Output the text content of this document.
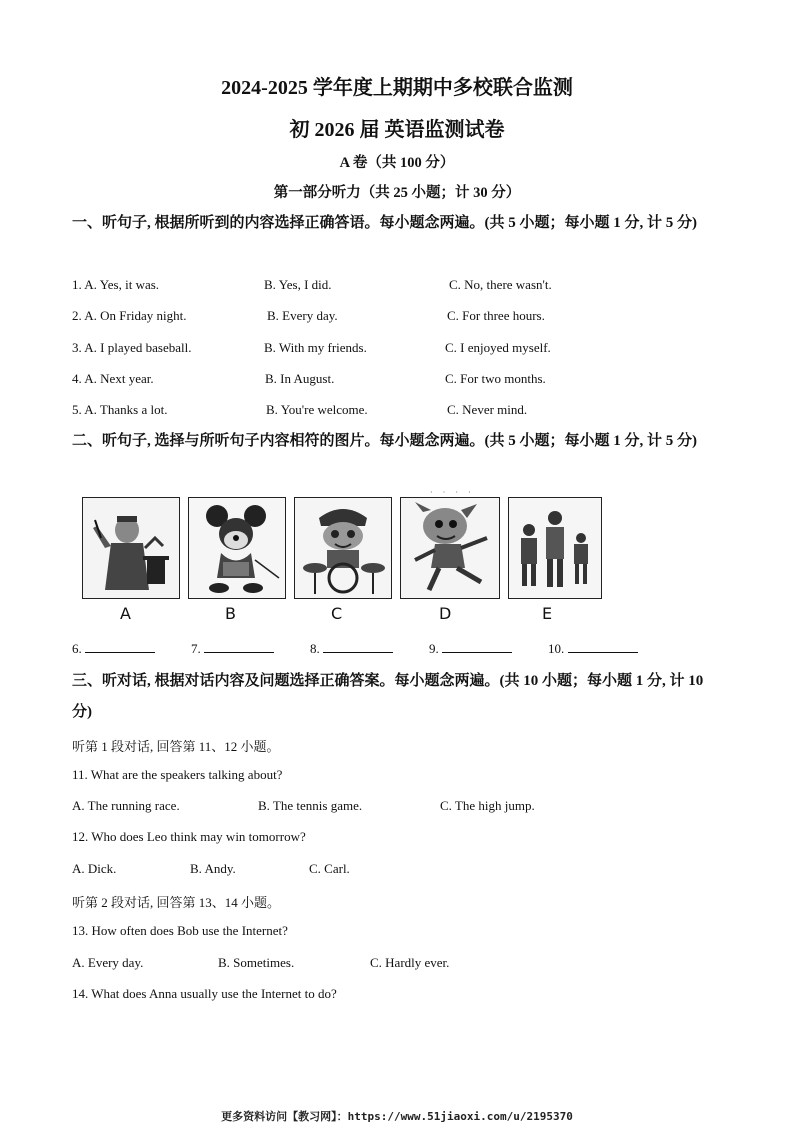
2024-2025 学年度上期期中多校联合监测
初 2026 届 英语监测试卷
A 卷（共 100 分）
第一部分听力（共 25 小题；计 30 分）
一、听句子, 根据所听到的内容选择正确答语。每小题念两遍。(共 5 小题；每小题 1 分, 计 5 分)
1. A. Yes, it was.	B. Yes, I did.	C. No, there wasn't.
2. A. On Friday night.	B. Every day.	C. For three hours.
3. A. I played baseball.	B. With my friends.	C. I enjoyed myself.
4. A. Next year.	B. In August.	C. For two months.
5. A. Thanks a lot.	B. You're welcome.	C. Never mind.
二、听句子, 选择与所听句子内容相符的图片。每小题念两遍。(共 5 小题；每小题 1 分, 计 5 分)
· · · ·
A	B	C	D	E
6.	7.	8.	9.	10.
三、听对话, 根据对话内容及问题选择正确答案。每小题念两遍。(共 10 小题；每小题 1 分, 计 10 分)
听第 1 段对话, 回答第 11、12 小题。
11. What are the speakers talking about?
A. The running race.	B. The tennis game.	C. The high jump.
12. Who does Leo think may win tomorrow?
A. Dick.	B. Andy.	C. Carl.
听第 2 段对话, 回答第 13、14 小题。
13. How often does Bob use the Internet?
A. Every day.	B. Sometimes.	C. Hardly ever.
14. What does Anna usually use the Internet to do?
更多资料访问【教习网】：https://www.51jiaoxi.com/u/2195370
